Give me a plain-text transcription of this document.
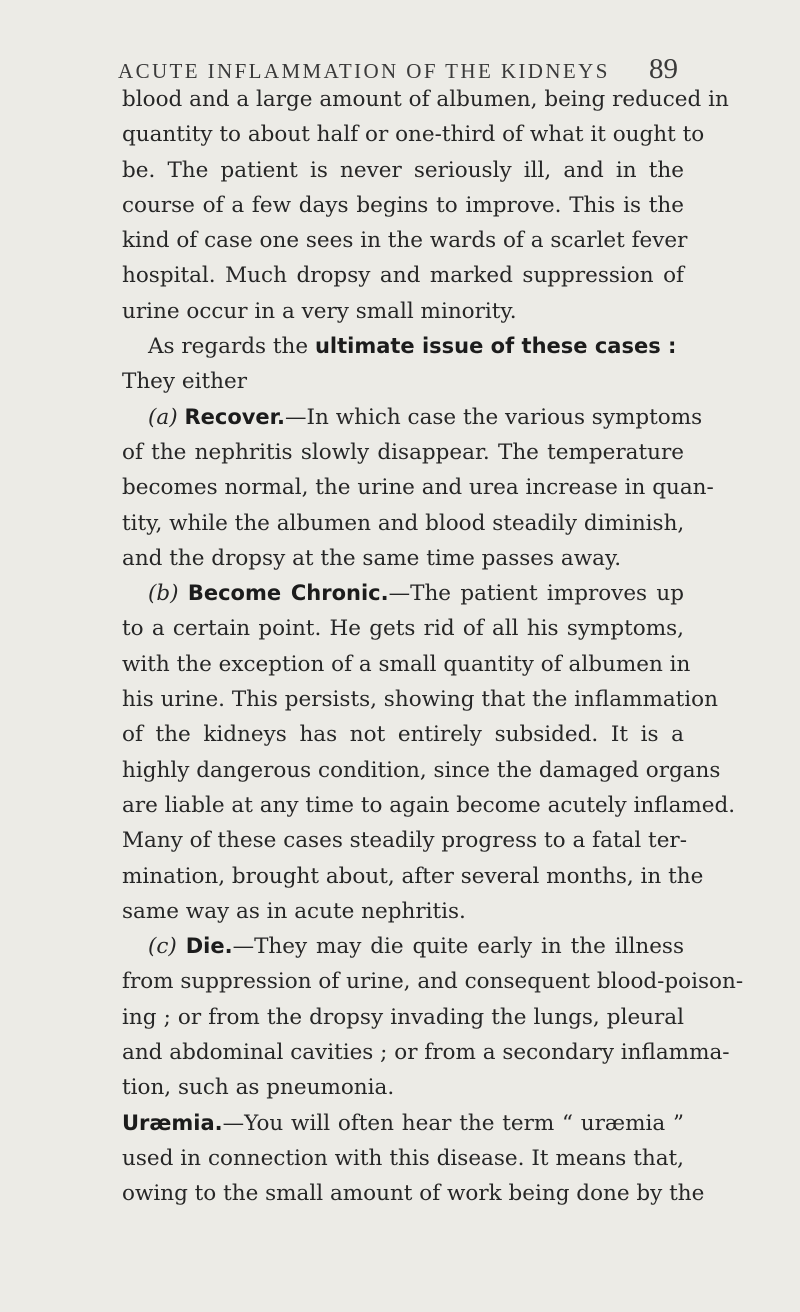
ACUTE INFLAMMATION OF THE KIDNEYS 89
blood and a large amount of albumen, being reduced in
quantity to about half or one-third of what it ought to
be. The patient is never seriously ill, and in the
course of a few days begins to improve. This is the
kind of case one sees in the wards of a scarlet fever
hospital. Much dropsy and marked suppression of
urine occur in a very small minority.
As regards the ultimate issue of these cases :
They either
(a) Recover.—In which case the various symptoms
of the nephritis slowly disappear. The temperature
becomes normal, the urine and urea increase in quan-
tity, while the albumen and blood steadily diminish,
and the dropsy at the same time passes away.
(b) Become Chronic.—The patient improves up
to a certain point. He gets rid of all his symptoms,
with the exception of a small quantity of albumen in
his urine. This persists, showing that the inflammation
of the kidneys has not entirely subsided. It is a
highly dangerous condition, since the damaged organs
are liable at any time to again become acutely inflamed.
Many of these cases steadily progress to a fatal ter-
mination, brought about, after several months, in the
same way as in acute nephritis.
(c) Die.—They may die quite early in the illness
from suppression of urine, and consequent blood-poison-
ing ; or from the dropsy invading the lungs, pleural
and abdominal cavities ; or from a secondary inflamma-
tion, such as pneumonia.
Uræmia.—You will often hear the term “ uræmia ”
used in connection with this disease. It means that,
owing to the small amount of work being done by the
